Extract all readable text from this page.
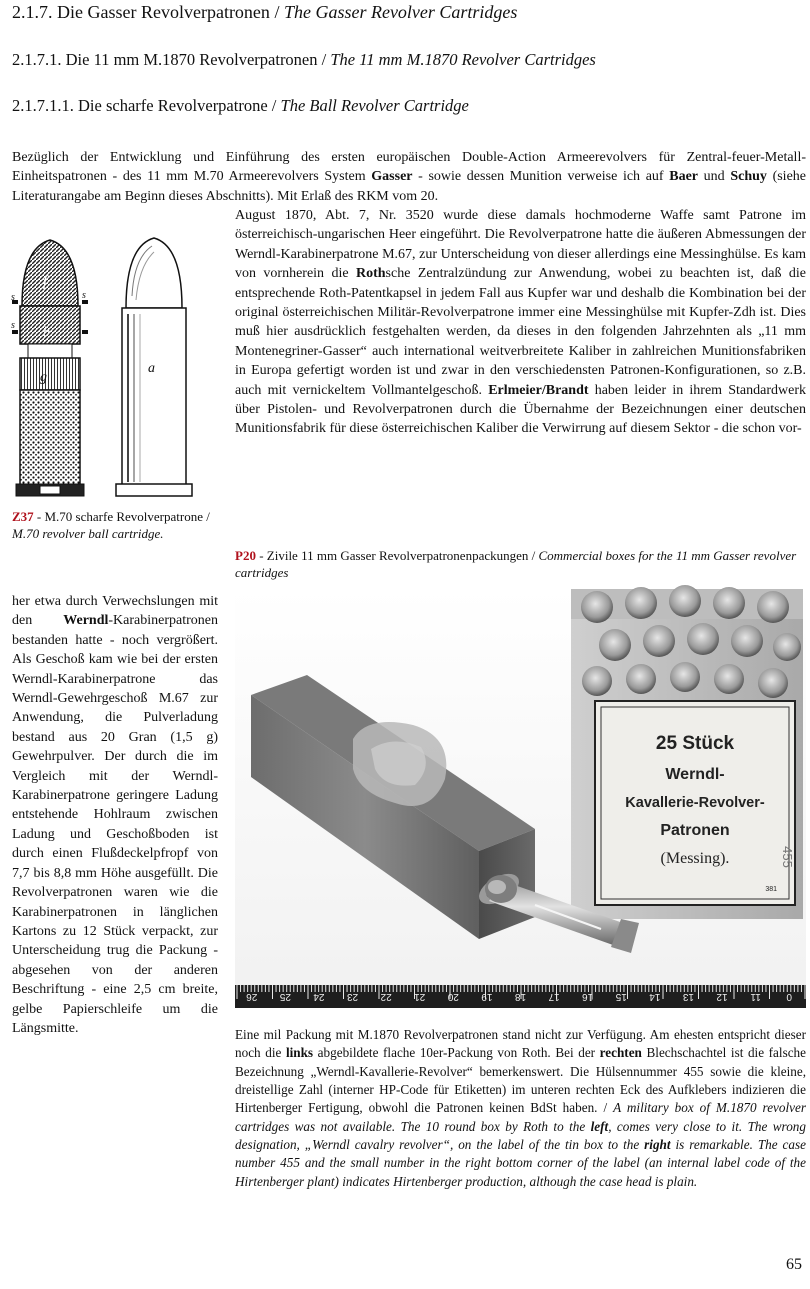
2.1.7. Die Gasser Revolverpatronen / The Gasser Revolver Cartridges
2.1.7.1. Die 11 mm M.1870 Revolverpatronen / The 11 mm M.1870 Revolver Cartridges
2.1.7.1.1. Die scharfe Revolverpatrone / The Ball Revolver Cartridge

Bezüglich der Entwicklung und Einführung des ersten europäischen Double-Action Armeerevolvers für Zentral-feuer-Metall-Einheitspatronen - des 11 mm M.70 Armeerevolvers System Gasser - sowie dessen Munition verweise ich auf Baer und Schuy (siehe Literaturangabe am Beginn dieses Abschnitts). Mit Erlaß des RKM vom 20.

f
b
g
s	s
s
a

August 1870, Abt. 7, Nr. 3520 wurde diese damals hochmoderne Waffe samt Patrone im österreichisch-ungarischen Heer eingeführt. Die Revolverpatrone hatte die äußeren Abmessungen der Werndl-Karabinerpatrone M.67, zur Unterscheidung von dieser allerdings eine Messinghülse. Es kam von vornherein die Rothsche Zentralzündung zur Anwendung, wobei zu beachten ist, daß die entsprechende Roth-Patentkapsel in jedem Fall aus Kupfer war und deshalb die Kombination bei der original österreichischen Militär-Revolverpatrone immer eine Messinghülse mit Kupfer-Zdh ist. Dies muß hier ausdrücklich festgehalten werden, da dieses in den folgenden Jahrzehnten als „11 mm Montenegriner-Gasser“ auch international weitverbreitete Kaliber in zahlreichen Munitionsfabriken in Europa gefertigt worden ist und zwar in den verschiedensten Patronen-Konfigurationen, so z.B. auch mit vernickeltem Vollmantelgeschoß. Erlmeier/Brandt haben leider in ihrem Standardwerk über Pistolen- und Revolverpatronen durch die Übernahme der Bezeichnungen einer deutschen Munitionsfabrik für diese österreichischen Kaliber die Verwirrung auf diesem Sektor - die schon vor-

Z37 - M.70 scharfe Revolverpatrone / M.70 revolver ball cartridge.
P20 - Zivile 11 mm Gasser Revolverpatronenpackungen / Commercial boxes for the 11 mm Gasser revolver cartridges

her etwa durch Verwechslungen mit den Werndl-Karabinerpatronen bestanden hatte - noch vergrößert. Als Geschoß kam wie bei der ersten Werndl-Karabinerpatrone das Werndl-Gewehrgeschoß M.67 zur Anwendung, die Pulverladung bestand aus 20 Gran (1,5 g) Gewehrpulver. Der durch die im Vergleich mit der Werndl-Karabinerpatrone geringere Ladung entstehende Hohlraum zwischen Ladung und Geschoßboden ist durch einen Flußdeckelpfropf von 7,7 bis 8,8 mm Höhe ausgefüllt. Die Revolverpatronen waren wie die Karabinerpatronen in länglichen Kartons zu 12 Stück verpackt, zur Unterscheidung trug die Packung - abgesehen von der anderen Beschriftung - eine 2,5 cm breite, gelbe Papierschleife um die Längsmitte.

25 Stück
Werndl-
Kavallerie-Revolver-
Patronen
(Messing).
381
455
26 25 24 23 22 21 20 19 18 17 16 15 14 13 12 11	0

Eine mil Packung mit M.1870 Revolverpatronen stand nicht zur Verfügung. Am ehesten entspricht dieser noch die links abgebildete flache 10er-Packung von Roth. Bei der rechten Blechschachtel ist die falsche Bezeichnung „Werndl-Kavallerie-Revolver“ bemerkenswert. Die Hülsennummer 455 sowie die kleine, dreistellige Zahl (interner HP-Code für Etiketten) im unteren rechten Eck des Aufklebers indizieren die Hirtenberger Fertigung, obwohl die Patronen keinen BdSt haben. / A military box of M.1870 revolver cartridges was not available. The 10 round box by Roth to the left, comes very close to it. The wrong designation, „Werndl cavalry revolver“, on the label of the tin box to the right is remarkable. The case number 455 and the small number in the right bottom corner of the label (an internal label code of the Hirtenberger plant) indicates Hirtenberger production, although the case head is plain.

65
